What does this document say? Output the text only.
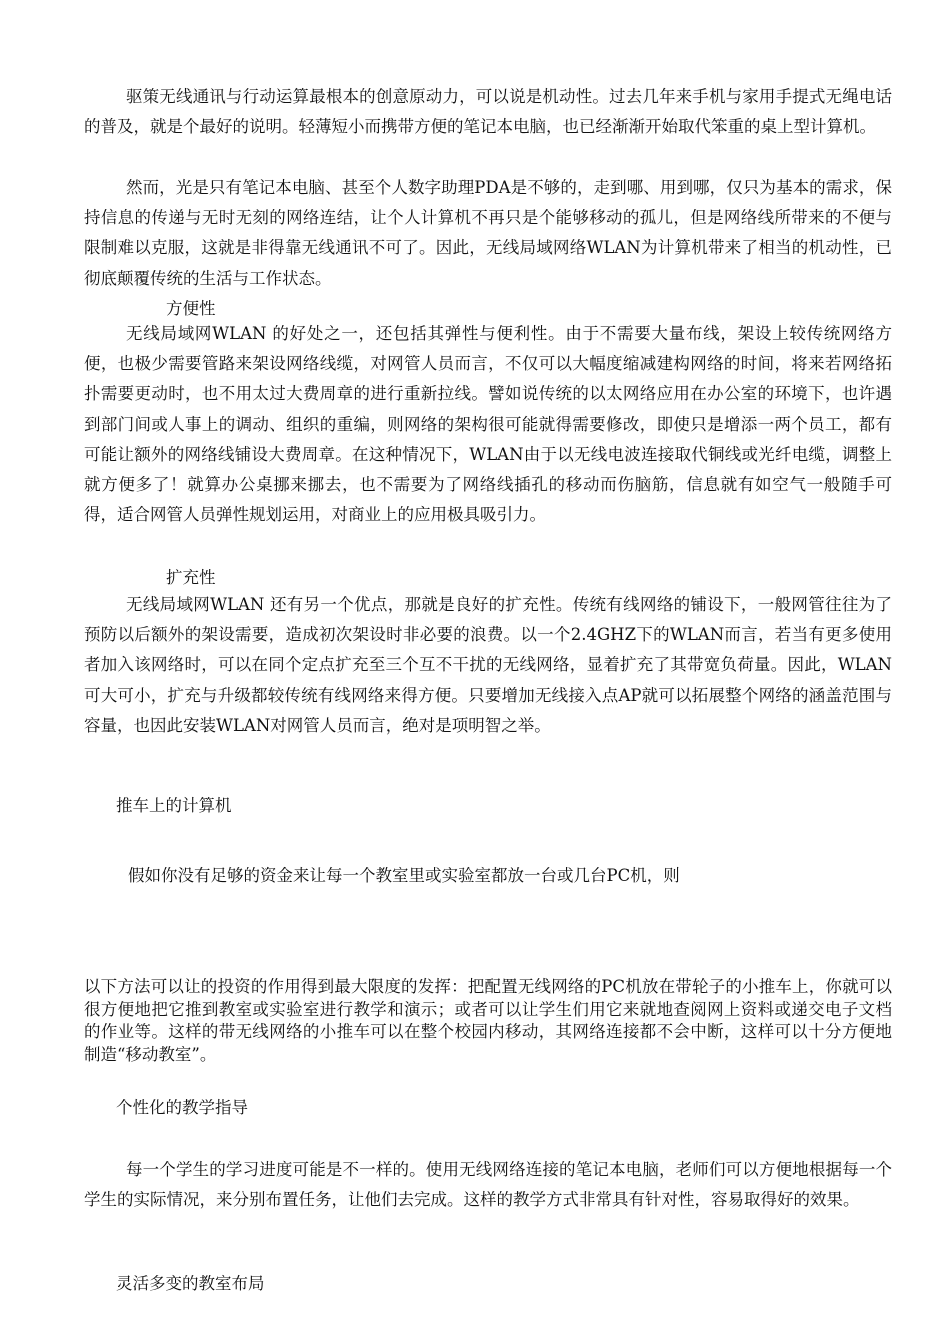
驱策无线通讯与行动运算最根本的创意原动力，可以说是机动性。过去几年来手机与家用手提式无绳电话的普及，就是个最好的说明。轻薄短小而携带方便的笔记本电脑，也已经渐渐开始取代笨重的桌上型计算机。

然而，光是只有笔记本电脑、甚至个人数字助理PDA是不够的，走到哪、用到哪，仅只为基本的需求，保持信息的传递与无时无刻的网络连结，让个人计算机不再只是个能够移动的孤儿，但是网络线所带来的不便与限制难以克服，这就是非得靠无线通讯不可了。因此，无线局域网络WLAN为计算机带来了相当的机动性，已彻底颠覆传统的生活与工作状态。

方便性

无线局域网WLAN 的好处之一，还包括其弹性与便利性。由于不需要大量布线，架设上较传统网络方便，也极少需要管路来架设网络线缆，对网管人员而言，不仅可以大幅度缩减建构网络的时间，将来若网络拓扑需要更动时，也不用太过大费周章的进行重新拉线。譬如说传统的以太网络应用在办公室的环境下，也许遇到部门间或人事上的调动、组织的重编，则网络的架构很可能就得需要修改，即使只是增添一两个员工，都有可能让额外的网络线铺设大费周章。在这种情况下，WLAN由于以无线电波连接取代铜线或光纤电缆，调整上就方便多了！就算办公桌挪来挪去，也不需要为了网络线插孔的移动而伤脑筋，信息就有如空气一般随手可得，适合网管人员弹性规划运用，对商业上的应用极具吸引力。

扩充性

无线局域网WLAN 还有另一个优点，那就是良好的扩充性。传统有线网络的铺设下，一般网管往往为了预防以后额外的架设需要，造成初次架设时非必要的浪费。以一个2.4GHZ下的WLAN而言，若当有更多使用者加入该网络时，可以在同个定点扩充至三个互不干扰的无线网络，显着扩充了其带宽负荷量。因此，WLAN可大可小，扩充与升级都较传统有线网络来得方便。只要增加无线接入点AP就可以拓展整个网络的涵盖范围与容量，也因此安装WLAN对网管人员而言，绝对是项明智之举。

推车上的计算机

假如你没有足够的资金来让每一个教室里或实验室都放一台或几台PC机，则

以下方法可以让的投资的作用得到最大限度的发挥：把配置无线网络的PC机放在带轮子的小推车上，你就可以很方便地把它推到教室或实验室进行教学和演示；或者可以让学生们用它来就地查阅网上资料或递交电子文档的作业等。这样的带无线网络的小推车可以在整个校园内移动，其网络连接都不会中断，这样可以十分方便地制造“移动教室”。

个性化的教学指导

每一个学生的学习进度可能是不一样的。使用无线网络连接的笔记本电脑，老师们可以方便地根据每一个学生的实际情况，来分别布置任务，让他们去完成。这样的教学方式非常具有针对性，容易取得好的效果。

灵活多变的教室布局
